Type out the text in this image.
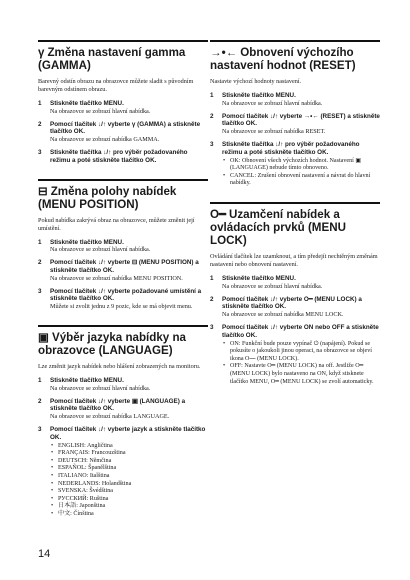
γ Změna nastavení gamma (GAMMA)

Barevný odstín obrazu na obrazovce můžete sladit s původním barevným odstínem obrazu.

1	Stiskněte tlačítko MENU.
Na obrazovce se zobrazí hlavní nabídka.
2	Pomocí tlačítek ↓/↑ vyberte γ (GAMMA) a stiskněte tlačítko OK.
Na obrazovce se zobrazí nabídka GAMMA.
3	Stiskněte tlačítka ↓/↑ pro výběr požadovaného režimu a poté stiskněte tlačítko OK.
⊟ Změna polohy nabídek (MENU POSITION)

Pokud nabídka zakrývá obraz na obrazovce, můžete změnit její umístění.

1	Stiskněte tlačítko MENU.
Na obrazovce se zobrazí hlavní nabídka.
2	Pomocí tlačítek ↓/↑ vyberte ⊟ (MENU POSITION) a stiskněte tlačítko OK.
Na obrazovce se zobrazí nabídka MENU POSITION.
3	Pomocí tlačítek ↓/↑ vyberte požadované umístění a stiskněte tlačítko OK.
Můžete si zvolit jednu z 9 pozic, kde se má objevit menu.
▣ Výběr jazyka nabídky na obrazovce (LANGUAGE)

Lze změnit jazyk nabídek nebo hlášení zobrazených na monitoru.

1	Stiskněte tlačítko MENU.
Na obrazovce se zobrazí hlavní nabídka.
2	Pomocí tlačítek ↓/↑ vyberte ▣ (LANGUAGE) a stiskněte tlačítko OK.
Na obrazovce se zobrazí nabídka LANGUAGE.
3	Pomocí tlačítek ↓/↑ vyberte jazyk a stiskněte tlačítko OK.
• ENGLISH: Angličtina
• FRANÇAIS: Francouzština
• DEUTSCH: Němčina
• ESPAÑOL: Španělština
• ITALIANO: Italština
• NEDERLANDS: Holandština
• SVENSKA: Švédština
• РУССКИЙ: Ruština
• 日本語: Japonština
• 中文: Čínština
→•← Obnovení výchozího nastavení hodnot (RESET)

Nastavte výchozí hodnoty nastavení.

1	Stiskněte tlačítko MENU.
Na obrazovce se zobrazí hlavní nabídka.
2	Pomocí tlačítek ↓/↑ vyberte →•← (RESET) a stiskněte tlačítko OK.
Na obrazovce se zobrazí nabídka RESET.
3	Stiskněte tlačítka ↓/↑ pro výběr požadovaného režimu a poté stiskněte tlačítko OK.
• OK: Obnovení všech výchozích hodnot. Nastavení ▣ (LANGUAGE) nebude tímto obnoveno.
• CANCEL: Zrušení obnovení nastavení a návrat do hlavní nabídky.
O━ Uzamčení nabídek a ovládacích prvků (MENU LOCK)

Ovládání tlačítek lze uzamknout, a tím předejít nechtěným změnám nastavení nebo obnovení nastavení.

1	Stiskněte tlačítko MENU.
Na obrazovce se zobrazí hlavní nabídka.
2	Pomocí tlačítek ↓/↑ vyberte O━ (MENU LOCK) a stiskněte tlačítko OK.
Na obrazovce se zobrazí nabídka MENU LOCK.
3	Pomocí tlačítek ↓/↑ vyberte ON nebo OFF a stiskněte tlačítko OK.
• ON: Funkční bude pouze vypínač ⏻ (napájení). Pokud se pokusíte o jakoukoli jinou operaci, na obrazovce se objeví ikona O━ (MENU LOCK).
• OFF: Nastavte O━ (MENU LOCK) na off. Jestliže O━ (MENU LOCK) bylo nastaveno na ON, když stisknete tlačítko MENU, O━ (MENU LOCK) se zvolí automaticky.
14
